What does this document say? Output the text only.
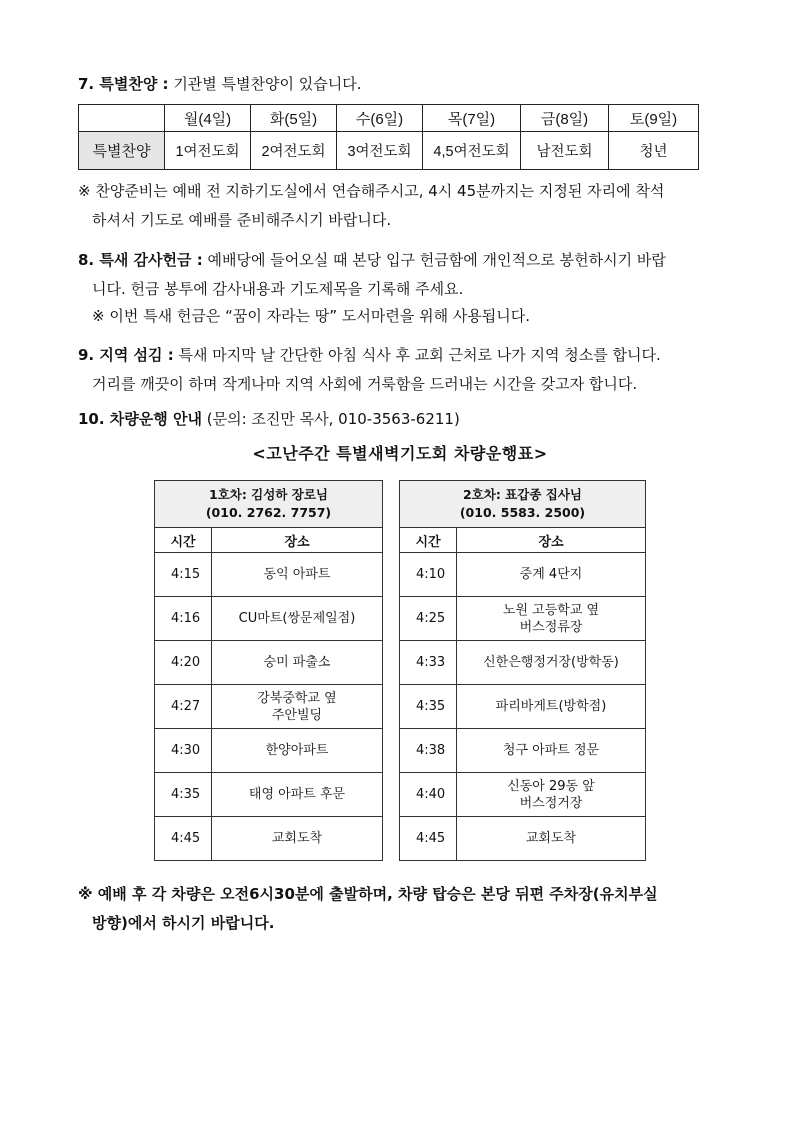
7. 특별찬양 : 기관별 특별찬양이 있습니다.
	월(4일)	화(5일)	수(6일)	목(7일)	금(8일)	토(9일)
특별찬양	1여전도회	2여전도회	3여전도회	4,5여전도회	남전도회	청년
※ 찬양준비는 예배 전 지하기도실에서 연습해주시고, 4시 45분까지는 지정된 자리에 착석
하셔서 기도로 예배를 준비해주시기 바랍니다.
8. 특새 감사헌금 : 예배당에 들어오실 때 본당 입구 헌금함에 개인적으로 봉헌하시기 바랍
니다. 헌금 봉투에 감사내용과 기도제목을 기록해 주세요.
※ 이번 특새 헌금은 “꿈이 자라는 땅” 도서마련을 위해 사용됩니다.
9. 지역 섬김 : 특새 마지막 날 간단한 아침 식사 후 교회 근처로 나가 지역 청소를 합니다.
거리를 깨끗이 하며 작게나마 지역 사회에 거룩함을 드러내는 시간을 갖고자 합니다.
10. 차량운행 안내 (문의: 조진만 목사, 010-3563-6211)
<고난주간 특별새벽기도회 차량운행표>
1호차: 김성하 장로님
(010. 2762. 7757)	

시간	장소
4:15	동익 아파트
4:16	CU마트(쌍문제일점)
4:20	숭미 파출소
4:27	강북중학교 옆
주안빌딩
4:30	한양아파트
4:35	태영 아파트 후문
4:45	교회도착
2호차: 표갑종 집사님
(010. 5583. 2500)	

시간	장소
4:10	중계 4단지
4:25	노원 고등학교 옆
버스정류장
4:33	신한은행정거장(방학동)
4:35	파리바게트(방학점)
4:38	청구 아파트 정문
4:40	신동아 29동 앞
버스정거장
4:45	교회도착
※ 예배 후 각 차량은 오전6시30분에 출발하며, 차량 탑승은 본당 뒤편 주차장(유치부실
방향)에서 하시기 바랍니다.
